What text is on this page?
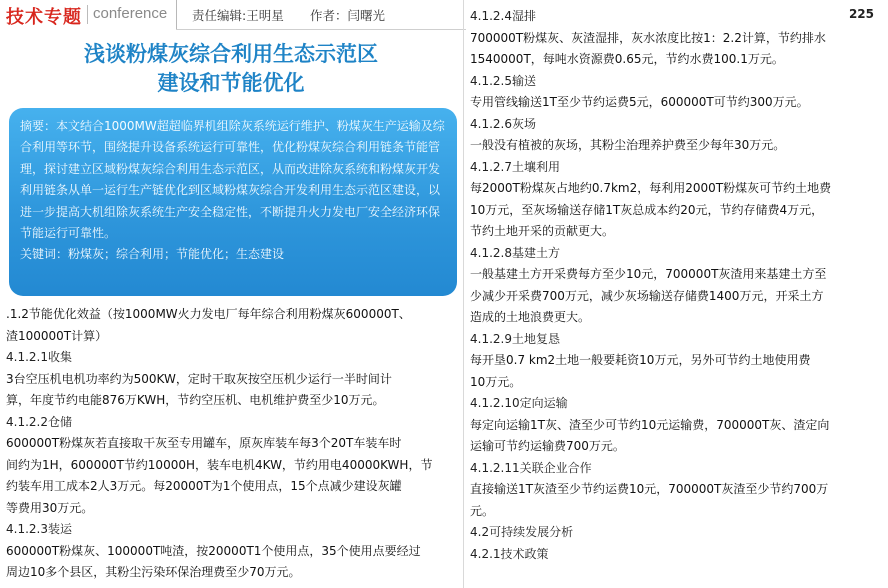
技术专题 conference 责任编辑:王明星 作者：闫曙光	225
浅谈粉煤灰综合利用生态示范区
建设和节能优化

摘要：本文结合1000MW超超临界机组除灰系统运行维护、粉煤灰生产运输及综合利用等环节，围绕提升设备系统运行可靠性，优化粉煤灰综合利用链条节能管理，探讨建立区域粉煤灰综合利用生态示范区，从而改进除灰系统和粉煤灰开发利用链条从单一运行生产链优化到区域粉煤灰综合开发利用生态示范区建设，以进一步提高大机组除灰系统生产安全稳定性，不断提升火力发电厂安全经济环保节能运行可靠性。

关键词：粉煤灰；综合利用；节能优化；生态建设

.1.2节能优化效益（按1000MW火力发电厂每年综合利用粉煤灰600000T、
渣100000T计算）
4.1.2.1收集
3台空压机电机功率约为500KW，定时干取灰按空压机少运行一半时间计
算，年度节约电能876万KWH，节约空压机、电机维护费至少10万元。
4.1.2.2仓储
600000T粉煤灰若直接取干灰至专用罐车，原灰库装车每3个20T车装车时
间约为1H，600000T节约10000H，装车电机4KW，节约用电40000KWH，节
约装车用工成本2人3万元。每20000T为1个使用点，15个点减少建设灰罐
等费用30万元。
4.1.2.3装运
600000T粉煤灰、100000T吨渣，按20000T1个使用点，35个使用点要经过
周边10多个县区，其粉尘污染环保治理费至少70万元。
4.1.2.4湿排
700000T粉煤灰、灰渣湿排，灰水浓度比按1：2.2计算，节约排水
1540000T，每吨水资源费0.65元，节约水费100.1万元。
4.1.2.5输送
专用管线输送1T至少节约运费5元，600000T可节约300万元。
4.1.2.6灰场
一般没有植被的灰场，其粉尘治理养护费至少每年30万元。
4.1.2.7土壤利用
每2000T粉煤灰占地约0.7km2，每利用2000T粉煤灰可节约土地费
10万元，至灰场输送存储1T灰总成本约20元，节约存储费4万元，
节约土地开采的贡献更大。
4.1.2.8基建土方
一般基建土方开采费每方至少10元，700000T灰渣用来基建土方至
少减少开采费700万元，减少灰场输送存储费1400万元，开采土方
造成的土地浪费更大。
4.1.2.9土地复恳
每开垦0.7 km2土地一般要耗资10万元，另外可节约土地使用费
10万元。
4.1.2.10定向运输
每定向运输1T灰、渣至少可节约10元运输费，700000T灰、渣定向
运输可节约运输费700万元。
4.1.2.11关联企业合作
直接输送1T灰渣至少节约运费10元，700000T灰渣至少节约700万
元。
4.2可持续发展分析
4.2.1技术政策
